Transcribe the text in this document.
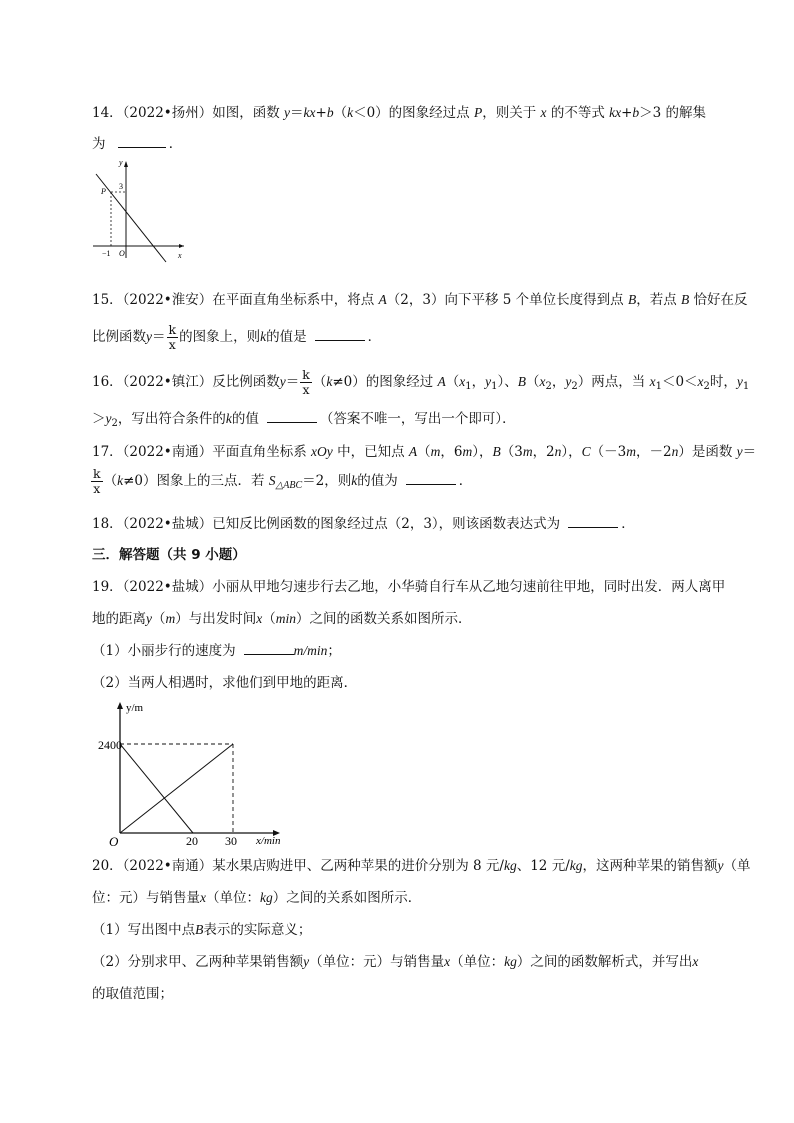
14．（2022•扬州）如图，函数 y＝kx+b（k＜0）的图象经过点 P，则关于 x 的不等式 kx+b＞3 的解集
为	．
y
x
3
P
−1 O
15．（2022•淮安）在平面直角坐标系中，将点 A（2，3）向下平移 5 个单位长度得到点 B，若点 B 恰好在反
比例函数$y= \frac{k}{x}$ 的图象上，则k的值是	．
16．（2022•镇江）反比例函数$y= \frac{k}{x} (k\ne 0)$的图象经过 $A(x_1$，$y_1$）、$B(x_2$，$y_2$）两点，当 $x_1<0<x_2$时，$y_1$
$>y_2$，写出符合条件的k的值	（答案不唯一，写出一个即可）．
17．（2022•南通）平面直角坐标系 xOy 中，已知点 A（m，6m），B（3m，2n），C（－3m，－2n）是函数 y＝
$\frac{k}{x} (k\ne 0)$图象上的三点．若 $S_{\triangle ABC}=2$，则k的值为	．
18．（2022•盐城）已知反比例函数的图象经过点（2，3），则该函数表达式为	．
三．解答题（共 9 小题）
19．（2022•盐城）小丽从甲地匀速步行去乙地，小华骑自行车从乙地匀速前往甲地，同时出发．两人离甲
地的距离y（m）与出发时间x（min）之间的函数关系如图所示．
（1）小丽步行的速度为	m/min；
（2）当两人相遇时，求他们到甲地的距离．
y/m
x/min
2400
20 30
O
20．（2022•南通）某水果店购进甲、乙两种苹果的进价分别为 8 元/kg、12 元/kg，这两种苹果的销售额y（单
位：元）与销售量x（单位：kg）之间的关系如图所示．
（1）写出图中点B表示的实际意义；
（2）分别求甲、乙两种苹果销售额y（单位：元）与销售量x（单位：kg）之间的函数解析式，并写出x
的取值范围；
